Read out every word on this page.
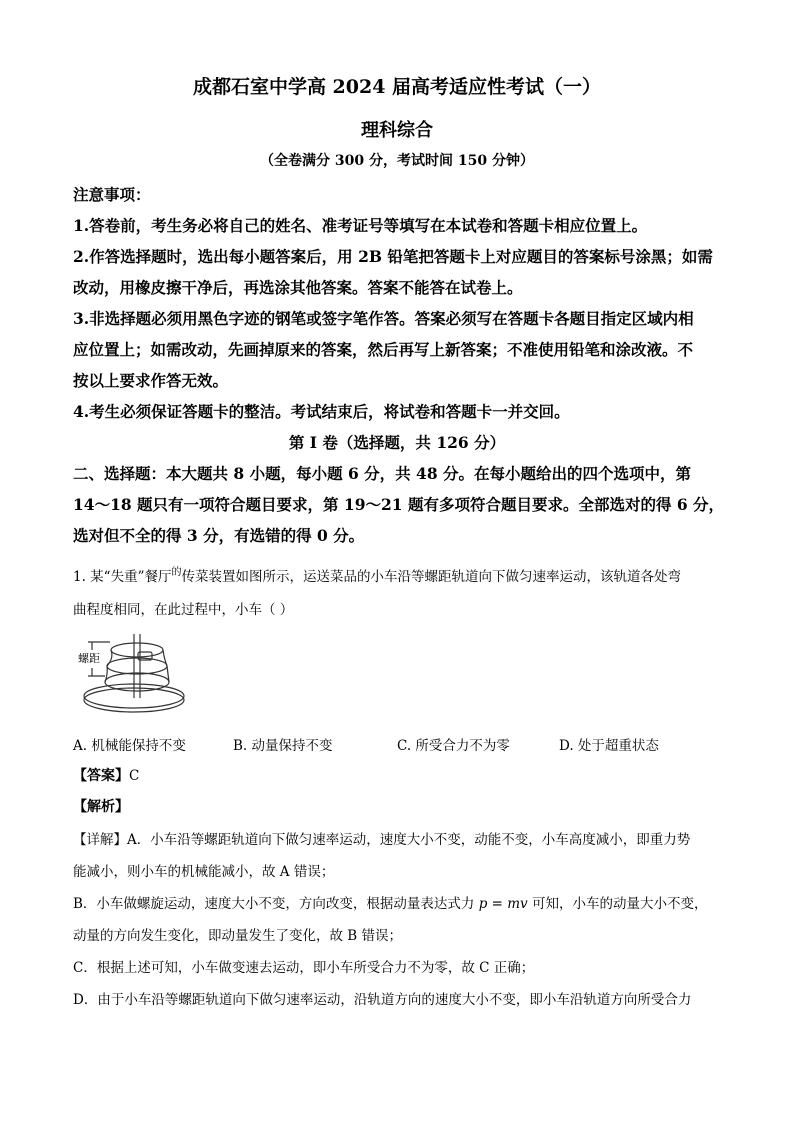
成都石室中学高 2024 届高考适应性考试（一）
理科综合
（全卷满分 300 分，考试时间 150 分钟）
注意事项：
1.答卷前，考生务必将自己的姓名、准考证号等填写在本试卷和答题卡相应位置上。
2.作答选择题时，选出每小题答案后，用 2B 铅笔把答题卡上对应题目的答案标号涂黑；如需
改动，用橡皮擦干净后，再选涂其他答案。答案不能答在试卷上。
3.非选择题必须用黑色字迹的钢笔或签字笔作答。答案必须写在答题卡各题目指定区域内相
应位置上；如需改动，先画掉原来的答案，然后再写上新答案；不准使用铅笔和涂改液。不
按以上要求作答无效。
4.考生必须保证答题卡的整洁。考试结束后，将试卷和答题卡一并交回。
第 I 卷（选择题，共 126 分）
二、选择题：本大题共 8 小题，每小题 6 分，共 48 分。在每小题给出的四个选项中，第
14～18 题只有一项符合题目要求，第 19～21 题有多项符合题目要求。全部选对的得 6 分，
选对但不全的得 3 分，有选错的得 0 分。
1. 某“失重”餐厅$^的$传菜装置如图所示，运送菜品的小车沿等螺距轨道向下做匀速率运动，该轨道各处弯
曲程度相同，在此过程中，小车（ ）
螺距
A. 机械能保持不变	B. 动量保持不变	C. 所受合力不为零	D. 处于超重状态
【答案】C
【解析】
【详解】A．小车沿等螺距轨道向下做匀速率运动，速度大小不变，动能不变，小车高度减小，即重力势
能减小，则小车的机械能减小，故 A 错误；
B．小车做螺旋运动，速度大小不变，方向改变，根据动量表达式力 p = mv 可知，小车的动量大小不变，
动量的方向发生变化，即动量发生了变化，故 B 错误；
C．根据上述可知，小车做变速去运动，即小车所受合力不为零，故 C 正确；
D．由于小车沿等螺距轨道向下做匀速率运动，沿轨道方向的速度大小不变，即小车沿轨道方向所受合力
